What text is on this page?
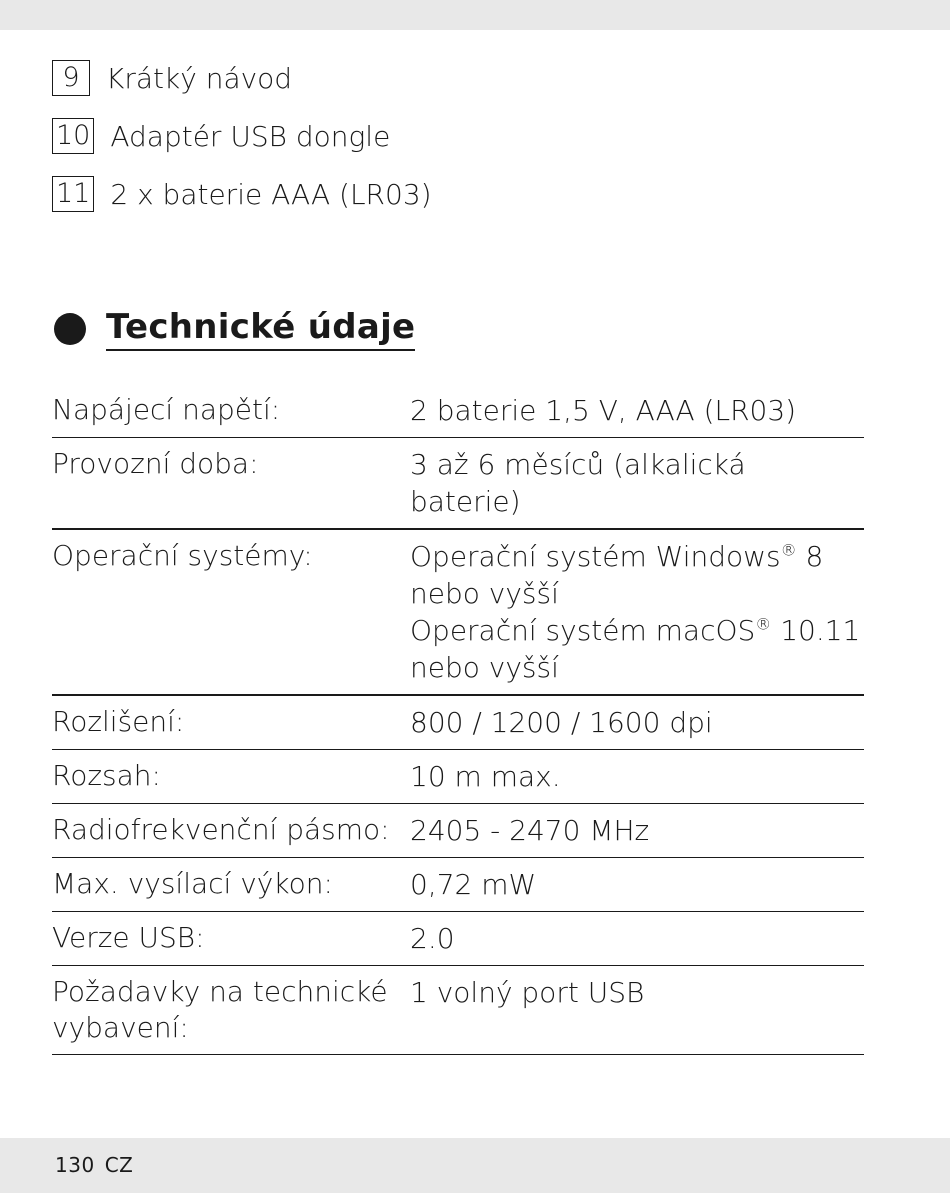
9 Krátký návod
10 Adaptér USB dongle
11 2 x baterie AAA (LR03)
Technické údaje
Napájecí napětí:	2 baterie 1,5 V, AAA (LR03)
Provozní doba:	3 až 6 měsíců (alkalická baterie)
Operační systémy:	Operační systém Windows® 8
nebo vyšší
Operační systém macOS® 10.11
nebo vyšší
Rozlišení:	800 / 1200 / 1600 dpi
Rozsah:	10 m max.
Radiofrekvenční pásmo: 2405 - 2470 MHz
Max. vysílací výkon:	0,72 mW
Verze USB:	2.0
Požadavky na technické
vybavení:
1 volný port USB
130 CZ
